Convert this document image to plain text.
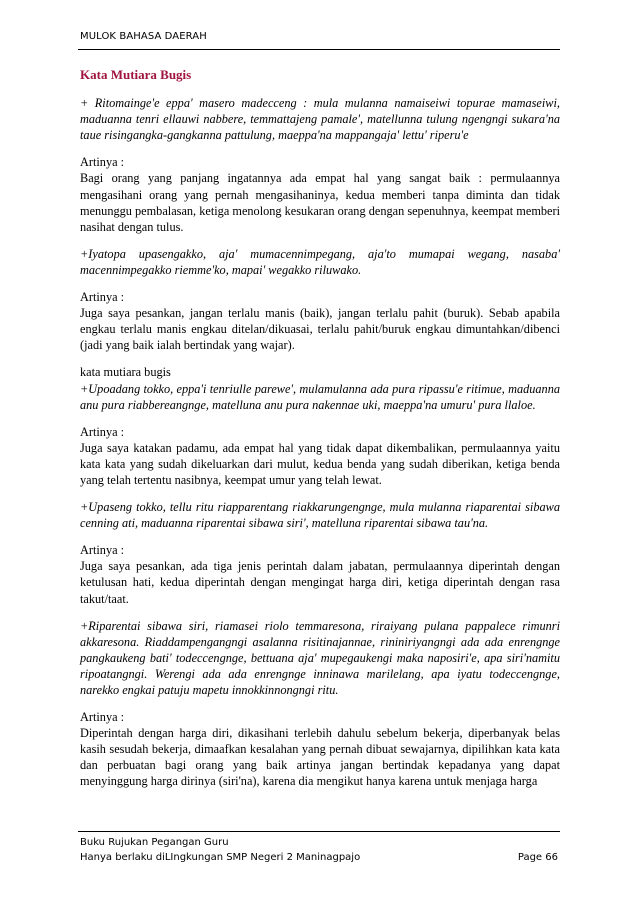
MULOK BAHASA DAERAH
Kata Mutiara Bugis

+ Ritomainge'e eppa' masero madecceng : mula mulanna namaiseiwi topurae mamaseiwi, maduanna tenri ellauwi nabbere, temmattajeng pamale', matellunna tulung ngengngi sukara'na taue risingangka-gangkanna pattulung, maeppa'na mappangaja' lettu' riperu'e

Artinya :

Bagi orang yang panjang ingatannya ada empat hal yang sangat baik : permulaannya mengasihani orang yang pernah mengasihaninya, kedua memberi tanpa diminta dan tidak menunggu pembalasan, ketiga menolong kesukaran orang dengan sepenuhnya, keempat memberi nasihat dengan tulus.

+Iyatopa upasengakko, aja' mumacennimpegang, aja'to mumapai wegang, nasaba' macennimpegakko riemme'ko, mapai' wegakko riluwako.

Artinya :

Juga saya pesankan, jangan terlalu manis (baik), jangan terlalu pahit (buruk). Sebab apabila engkau terlalu manis engkau ditelan/dikuasai, terlalu pahit/buruk engkau dimuntahkan/dibenci (jadi yang baik ialah bertindak yang wajar).

kata mutiara bugis

+Upoadang tokko, eppa'i tenriulle parewe', mulamulanna ada pura ripassu'e ritimue, maduanna anu pura riabbereangnge, matelluna anu pura nakennae uki, maeppa'na umuru' pura llaloe.

Artinya :

Juga saya katakan padamu, ada empat hal yang tidak dapat dikembalikan, permulaannya yaitu kata kata yang sudah dikeluarkan dari mulut, kedua benda yang sudah diberikan, ketiga benda yang telah tertentu nasibnya, keempat umur yang telah lewat.

+Upaseng tokko, tellu ritu riapparentang riakkarungengnge, mula mulanna riaparentai sibawa cenning ati, maduanna riparentai sibawa siri', matelluna riparentai sibawa tau'na.

Artinya :

Juga saya pesankan, ada tiga jenis perintah dalam jabatan, permulaannya diperintah dengan ketulusan hati, kedua diperintah dengan mengingat harga diri, ketiga diperintah dengan rasa takut/taat.

+Riparentai sibawa siri, riamasei riolo temmaresona, riraiyang pulana pappalece rimunri akkaresona. Riaddampengangngi asalanna risitinajannae, rininiriyangngi ada ada enrengnge pangkaukeng bati' todeccengnge, bettuana aja' mupegaukengi maka naposiri'e, apa siri'namitu ripoatangngi. Werengi ada ada enrengnge inninawa marilelang, apa iyatu todeccengnge, narekko engkai patuju mapetu innokkinnongngi ritu.

Artinya :

Diperintah dengan harga diri, dikasihani terlebih dahulu sebelum bekerja, diperbanyak belas kasih sesudah bekerja, dimaafkan kesalahan yang pernah dibuat sewajarnya, dipilihkan kata kata dan perbuatan bagi orang yang baik artinya jangan bertindak kepadanya yang dapat menyinggung harga dirinya (siri'na), karena dia mengikut hanya karena untuk menjaga harga

Buku Rujukan Pegangan Guru
Hanya berlaku diLIngkungan SMP Negeri 2 Maninagpajo	Page 66
